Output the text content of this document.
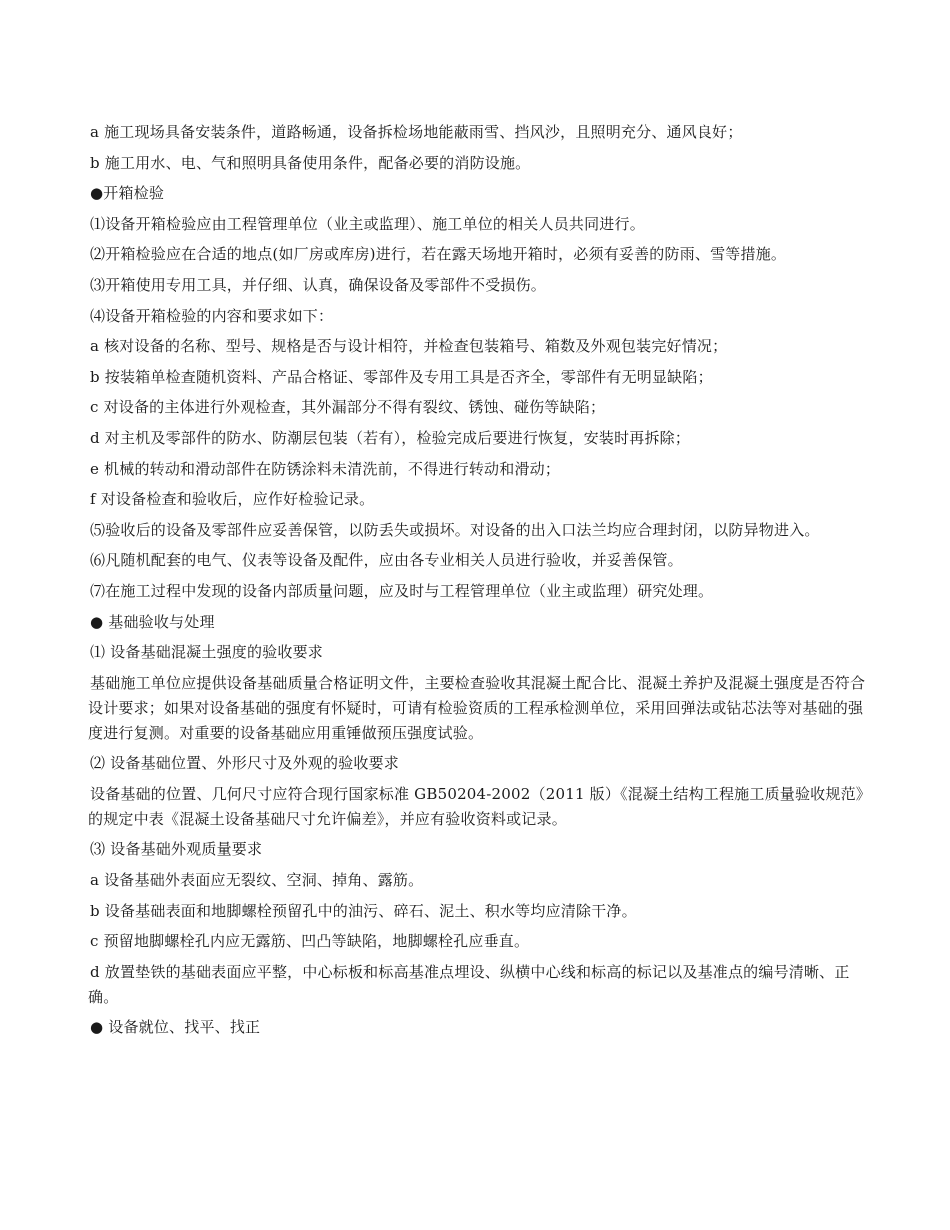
a 施工现场具备安装条件，道路畅通，设备拆检场地能蔽雨雪、挡风沙，且照明充分、通风良好；

b 施工用水、电、气和照明具备使用条件，配备必要的消防设施。

●开箱检验

⑴设备开箱检验应由工程管理单位（业主或监理）、施工单位的相关人员共同进行。

⑵开箱检验应在合适的地点(如厂房或库房)进行，若在露天场地开箱时，必须有妥善的防雨、雪等措施。

⑶开箱使用专用工具，并仔细、认真，确保设备及零部件不受损伤。

⑷设备开箱检验的内容和要求如下：

a 核对设备的名称、型号、规格是否与设计相符，并检查包装箱号、箱数及外观包装完好情况；

b 按装箱单检查随机资料、产品合格证、零部件及专用工具是否齐全，零部件有无明显缺陷；

c 对设备的主体进行外观检查，其外漏部分不得有裂纹、锈蚀、碰伤等缺陷；

d 对主机及零部件的防水、防潮层包装（若有），检验完成后要进行恢复，安装时再拆除；

e 机械的转动和滑动部件在防锈涂料未清洗前，不得进行转动和滑动；

f 对设备检查和验收后，应作好检验记录。

⑸验收后的设备及零部件应妥善保管，以防丢失或损坏。对设备的出入口法兰均应合理封闭，以防异物进入。

⑹凡随机配套的电气、仪表等设备及配件，应由各专业相关人员进行验收，并妥善保管。

⑺在施工过程中发现的设备内部质量问题，应及时与工程管理单位（业主或监理）研究处理。

● 基础验收与处理

⑴ 设备基础混凝土强度的验收要求

基础施工单位应提供设备基础质量合格证明文件，主要检查验收其混凝土配合比、混凝土养护及混凝土强度是否符合设计要求；如果对设备基础的强度有怀疑时，可请有检验资质的工程承检测单位，采用回弹法或钻芯法等对基础的强度进行复测。对重要的设备基础应用重锤做预压强度试验。

⑵ 设备基础位置、外形尺寸及外观的验收要求

设备基础的位置、几何尺寸应符合现行国家标准 GB50204-2002（2011 版）《混凝土结构工程施工质量验收规范》的规定中表《混凝土设备基础尺寸允许偏差》，并应有验收资料或记录。

⑶ 设备基础外观质量要求

a 设备基础外表面应无裂纹、空洞、掉角、露筋。

b 设备基础表面和地脚螺栓预留孔中的油污、碎石、泥土、积水等均应清除干净。

c 预留地脚螺栓孔内应无露筋、凹凸等缺陷，地脚螺栓孔应垂直。

d 放置垫铁的基础表面应平整，中心标板和标高基准点埋设、纵横中心线和标高的标记以及基准点的编号清晰、正确。

● 设备就位、找平、找正
